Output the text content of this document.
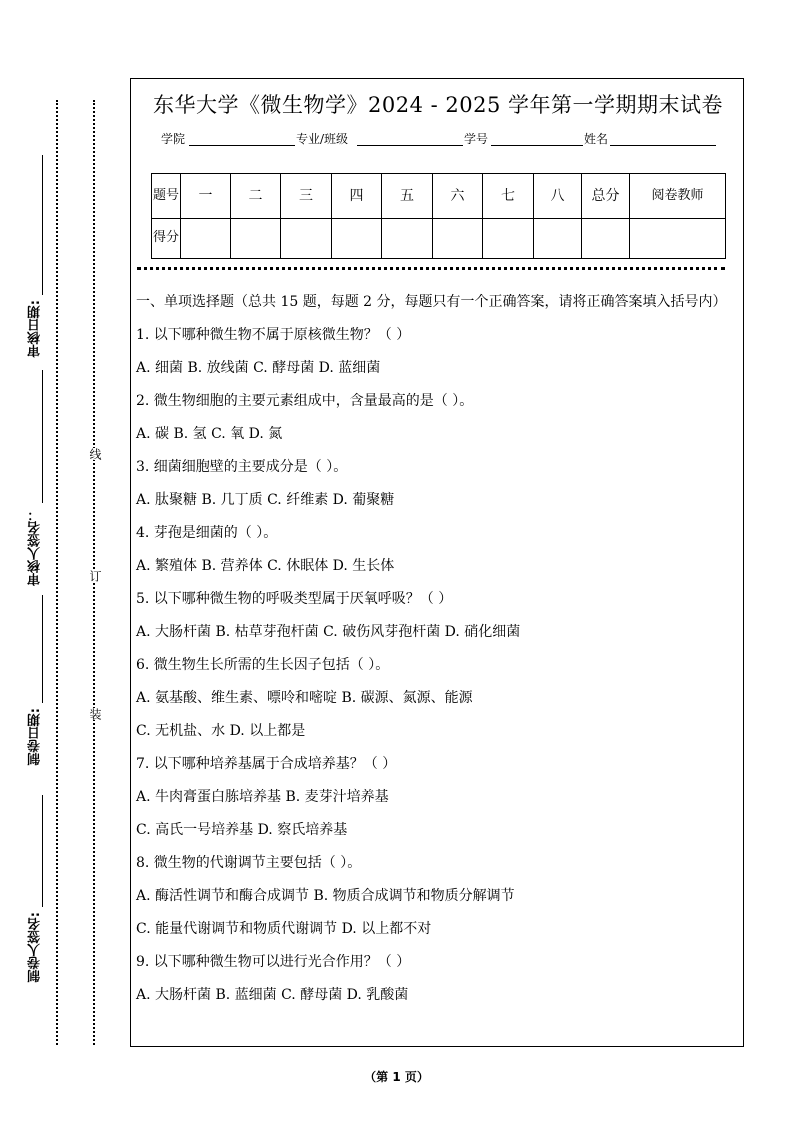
审核日期:
审核人签名：
制卷日期:
制卷人签名:
线
订
装
东华大学《微生物学》2024 - 2025 学年第一学期期末试卷
学院	专业/班级	学号	姓名
题号	一	二	三	四	五	六	七	八	总分	阅卷教师
得分										
一、单项选择题（总共 15 题，每题 2 分，每题只有一个正确答案，请将正确答案填入括号内）
1. 以下哪种微生物不属于原核微生物？（ ）
A. 细菌 B. 放线菌 C. 酵母菌 D. 蓝细菌
2. 微生物细胞的主要元素组成中，含量最高的是（ ）。
A. 碳 B. 氢 C. 氧 D. 氮
3. 细菌细胞壁的主要成分是（ ）。
A. 肽聚糖 B. 几丁质 C. 纤维素 D. 葡聚糖
4. 芽孢是细菌的（ ）。
A. 繁殖体 B. 营养体 C. 休眠体 D. 生长体
5. 以下哪种微生物的呼吸类型属于厌氧呼吸？（ ）
A. 大肠杆菌 B. 枯草芽孢杆菌 C. 破伤风芽孢杆菌 D. 硝化细菌
6. 微生物生长所需的生长因子包括（ ）。
A. 氨基酸、维生素、嘌呤和嘧啶 B. 碳源、氮源、能源
C. 无机盐、水 D. 以上都是
7. 以下哪种培养基属于合成培养基？（ ）
A. 牛肉膏蛋白胨培养基 B. 麦芽汁培养基
C. 高氏一号培养基 D. 察氏培养基
8. 微生物的代谢调节主要包括（ ）。
A. 酶活性调节和酶合成调节 B. 物质合成调节和物质分解调节
C. 能量代谢调节和物质代谢调节 D. 以上都不对
9. 以下哪种微生物可以进行光合作用？（ ）
A. 大肠杆菌 B. 蓝细菌 C. 酵母菌 D. 乳酸菌
（第 1 页）
